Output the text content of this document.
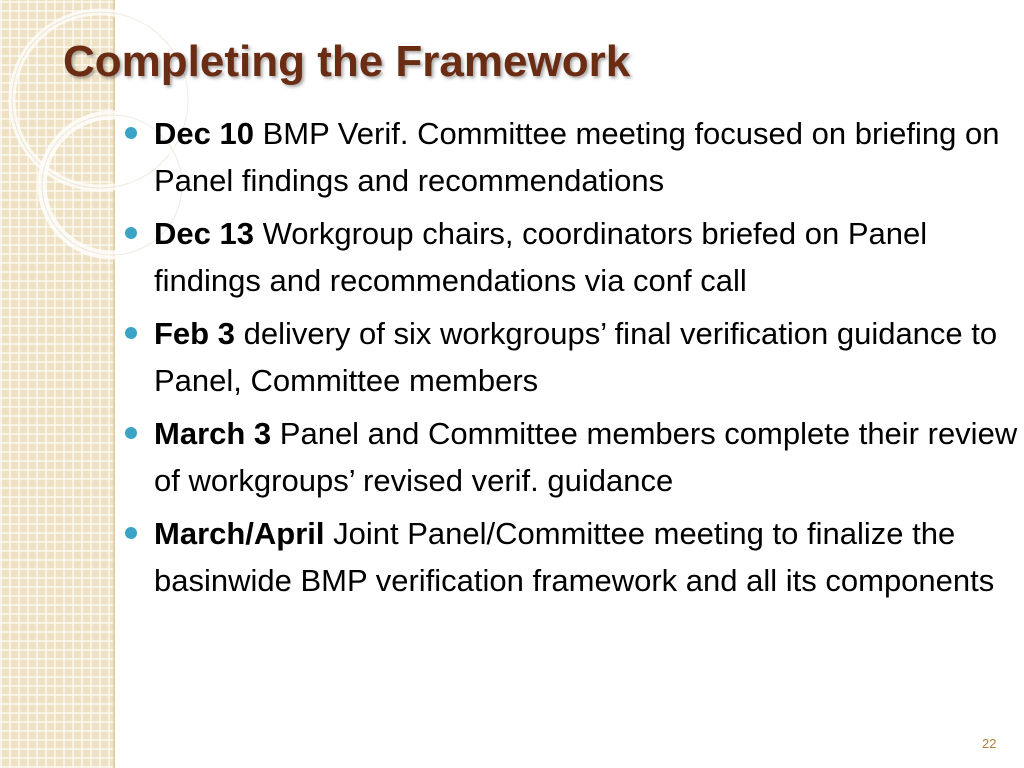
Completing the Framework
Dec 10 BMP Verif. Committee meeting focused on briefing on Panel findings and recommendations
Dec 13 Workgroup chairs, coordinators briefed on Panel findings and recommendations via conf call
Feb 3 delivery of six workgroups’ final verification guidance to Panel, Committee members
March 3 Panel and Committee members complete their review of workgroups’ revised verif. guidance
March/April Joint Panel/Committee meeting to finalize the basinwide BMP verification framework and all its components
22
